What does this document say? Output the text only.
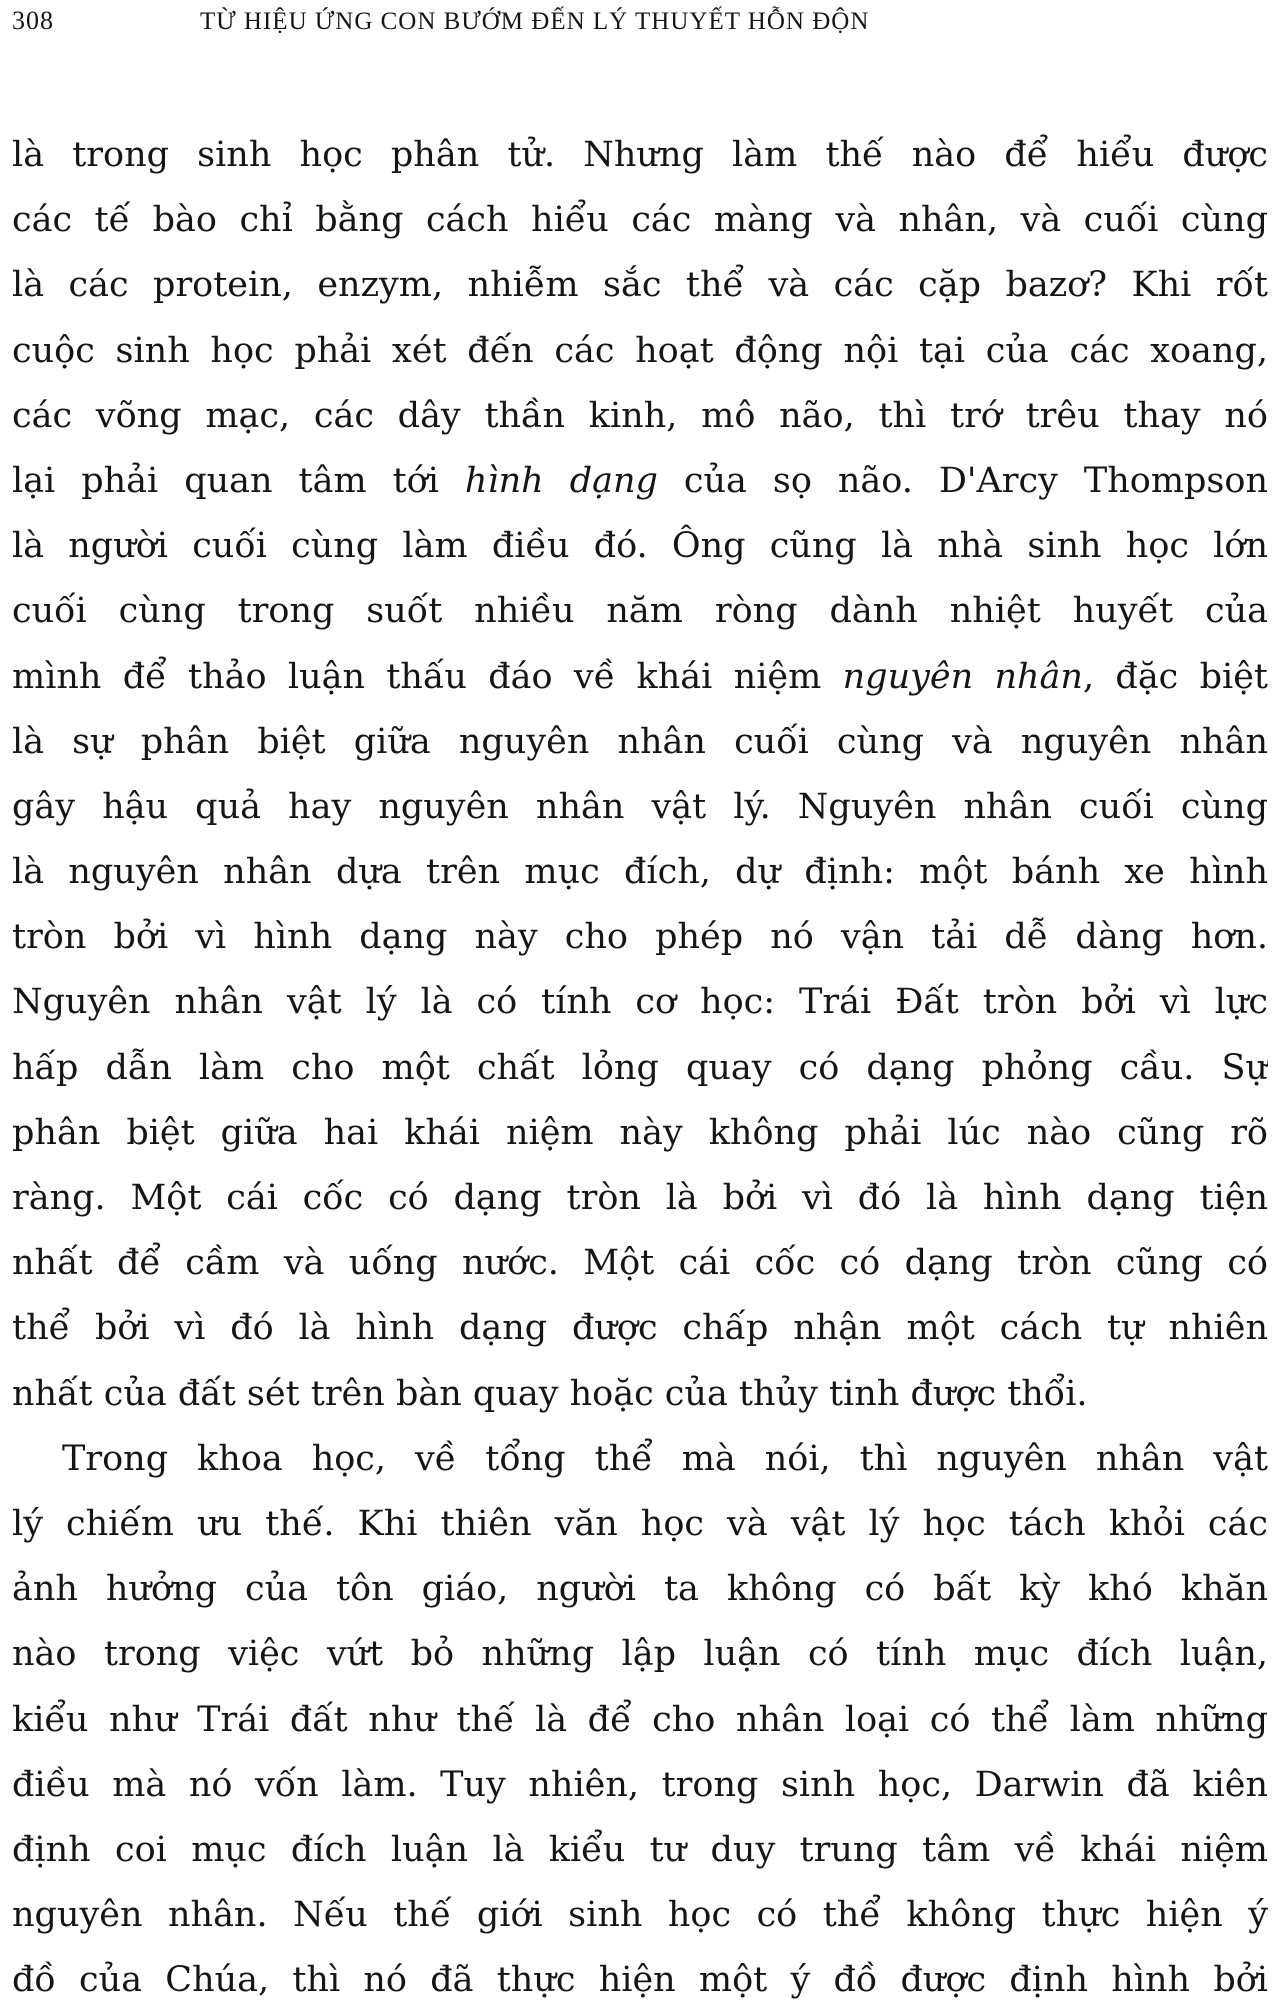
308	TỪ HIỆU ỨNG CON BƯỚM ĐẾN LÝ THUYẾT HỖN ĐỘN
là trong sinh học phân tử. Nhưng làm thế nào để hiểu được
các tế bào chỉ bằng cách hiểu các màng và nhân, và cuối cùng
là các protein, enzym, nhiễm sắc thể và các cặp bazơ? Khi rốt
cuộc sinh học phải xét đến các hoạt động nội tại của các xoang,
các võng mạc, các dây thần kinh, mô não, thì trớ trêu thay nó
lại phải quan tâm tới hình dạng của sọ não. D'Arcy Thompson
là người cuối cùng làm điều đó. Ông cũng là nhà sinh học lớn
cuối cùng trong suốt nhiều năm ròng dành nhiệt huyết của
mình để thảo luận thấu đáo về khái niệm nguyên nhân, đặc biệt
là sự phân biệt giữa nguyên nhân cuối cùng và nguyên nhân
gây hậu quả hay nguyên nhân vật lý. Nguyên nhân cuối cùng
là nguyên nhân dựa trên mục đích, dự định: một bánh xe hình
tròn bởi vì hình dạng này cho phép nó vận tải dễ dàng hơn.
Nguyên nhân vật lý là có tính cơ học: Trái Đất tròn bởi vì lực
hấp dẫn làm cho một chất lỏng quay có dạng phỏng cầu. Sự
phân biệt giữa hai khái niệm này không phải lúc nào cũng rõ
ràng. Một cái cốc có dạng tròn là bởi vì đó là hình dạng tiện
nhất để cầm và uống nước. Một cái cốc có dạng tròn cũng có
thể bởi vì đó là hình dạng được chấp nhận một cách tự nhiên
nhất của đất sét trên bàn quay hoặc của thủy tinh được thổi.
Trong khoa học, về tổng thể mà nói, thì nguyên nhân vật
lý chiếm ưu thế. Khi thiên văn học và vật lý học tách khỏi các
ảnh hưởng của tôn giáo, người ta không có bất kỳ khó khăn
nào trong việc vứt bỏ những lập luận có tính mục đích luận,
kiểu như Trái đất như thế là để cho nhân loại có thể làm những
điều mà nó vốn làm. Tuy nhiên, trong sinh học, Darwin đã kiên
định coi mục đích luận là kiểu tư duy trung tâm về khái niệm
nguyên nhân. Nếu thế giới sinh học có thể không thực hiện ý
đồ của Chúa, thì nó đã thực hiện một ý đồ được định hình bởi
